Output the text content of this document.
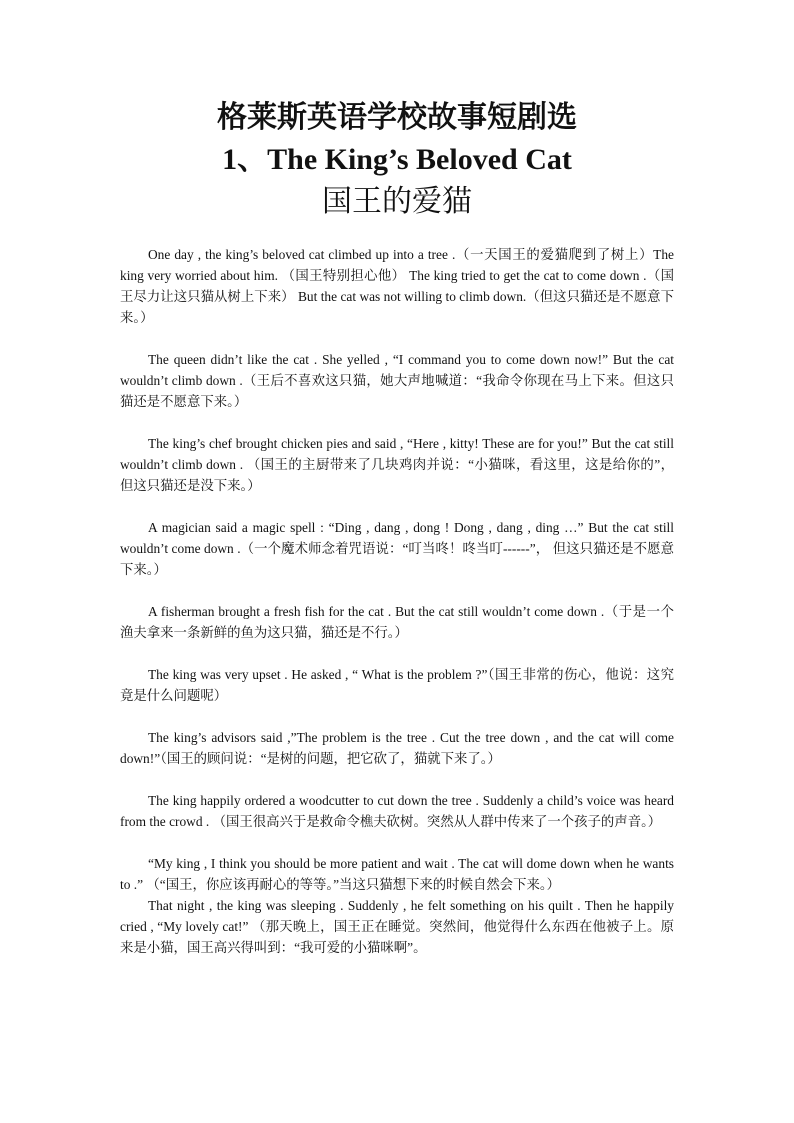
格莱斯英语学校故事短剧选
1、The King’s Beloved Cat
国王的爱猫

One day , the king’s beloved cat climbed up into a tree .（一天国王的爱猫爬到了树上）The king very worried about him. （国王特别担心他） The king tried to get the cat to come down .（国王尽力让这只猫从树上下来） But the cat was not willing to climb down.（但这只猫还是不愿意下来。）

The queen didn’t like the cat . She yelled , “I command you to come down now!” But the cat wouldn’t climb down .（王后不喜欢这只猫，她大声地喊道：“我命令你现在马上下来。但这只猫还是不愿意下来。）

The king’s chef brought chicken pies and said , “Here , kitty! These are for you!” But the cat still wouldn’t climb down . （国王的主厨带来了几块鸡肉并说：“小猫咪，看这里，这是给你的”， 但这只猫还是没下来。）

A magician said a magic spell : “Ding , dang , dong ! Dong , dang , ding …” But the cat still wouldn’t come down .（一个魔术师念着咒语说：“叮当咚！咚当叮------”， 但这只猫还是不愿意下来。）

A fisherman brought a fresh fish for the cat . But the cat still wouldn’t come down .（于是一个渔夫拿来一条新鲜的鱼为这只猫，猫还是不行。）

The king was very upset . He asked , “ What is the problem ?”（国王非常的伤心，他说：这究竟是什么问题呢）

The king’s advisors said ,”The problem is the tree . Cut the tree down , and the cat will come down!”（国王的顾问说：“是树的问题，把它砍了，猫就下来了。）

The king happily ordered a woodcutter to cut down the tree . Suddenly a child’s voice was heard from the crowd . （国王很高兴于是救命令樵夫砍树。突然从人群中传来了一个孩子的声音。）

“My king , I think you should be more patient and wait . The cat will dome down when he wants to .” （“国王，你应该再耐心的等等。”当这只猫想下来的时候自然会下来。）

That night , the king was sleeping . Suddenly , he felt something on his quilt . Then he happily cried , “My lovely cat!” （那天晚上，国王正在睡觉。突然间，他觉得什么东西在他被子上。原来是小猫，国王高兴得叫到：“我可爱的小猫咪啊”。
